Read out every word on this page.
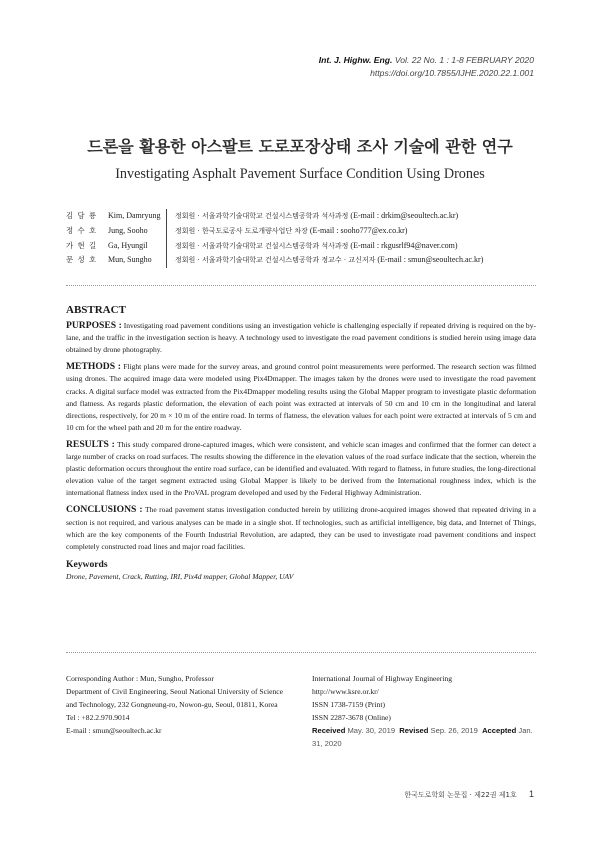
Int. J. Highw. Eng. Vol. 22 No. 1 : 1-8 FEBRUARY 2020
https://doi.org/10.7855/IJHE.2020.22.1.001
드론을 활용한 아스팔트 도로포장상태 조사 기술에 관한 연구
Investigating Asphalt Pavement Surface Condition Using Drones
김 담 룡	Kim, Damryung	정회원 · 서울과학기술대학교 건설시스템공학과 석사과정 (E-mail : drkim@seoultech.ac.kr)
정 수 호	Jung, Sooho	정회원 · 한국도로공사 도로개량사업단 차장 (E-mail : sooho777@ex.co.kr)
가 현 길	Ga, Hyungil	정회원 · 서울과학기술대학교 건설시스템공학과 석사과정 (E-mail : rkgusrlf94@naver.com)
문 성 호	Mun, Sungho	정회원 · 서울과학기술대학교 건설시스템공학과 정교수 · 교신저자 (E-mail : smun@seoultech.ac.kr)
ABSTRACT

PURPOSES : Investigating road pavement conditions using an investigation vehicle is challenging especially if repeated driving is required on the by-lane, and the traffic in the investigation section is heavy. A technology used to investigate the road pavement conditions is studied herein using image data obtained by drone photography.

METHODS : Flight plans were made for the survey areas, and ground control point measurements were performed. The research section was filmed using drones. The acquired image data were modeled using Pix4Dmapper. The images taken by the drones were used to investigate the road pavement cracks. A digital surface model was extracted from the Pix4Dmapper modeling results using the Global Mapper program to investigate plastic deformation and flatness. As regards plastic deformation, the elevation of each point was extracted at intervals of 50 cm and 10 cm in the longitudinal and lateral directions, respectively, for 20 m × 10 m of the entire road. In terms of flatness, the elevation values for each point were extracted at intervals of 5 cm and 10 cm for the wheel path and 20 m for the entire roadway.

RESULTS : This study compared drone-captured images, which were consistent, and vehicle scan images and confirmed that the former can detect a large number of cracks on road surfaces. The results showing the difference in the elevation values of the road surface indicate that the section, wherein the plastic deformation occurs throughout the entire road surface, can be identified and evaluated. With regard to flatness, in future studies, the long-directional elevation value of the target segment extracted using Global Mapper is likely to be derived from the International roughness index, which is the international flatness index used in the ProVAL program developed and used by the Federal Highway Administration.

CONCLUSIONS : The road pavement status investigation conducted herein by utilizing drone-acquired images showed that repeated driving in a section is not required, and various analyses can be made in a single shot. If technologies, such as artificial intelligence, big data, and Internet of Things, which are the key components of the Fourth Industrial Revolution, are adapted, they can be used to investigate road pavement conditions and inspect completely constructed road lines and major road facilities.

Keywords
Drone, Pavement, Crack, Rutting, IRI, Pix4d mapper, Global Mapper, UAV
Corresponding Author : Mun, Sungho, Professor
Department of Civil Engineering, Seoul National University of Science
and Technology, 232 Gongneung-ro, Nowon-gu, Seoul, 01811, Korea
Tel : +82.2.970.9014
E-mail : smun@seoultech.ac.kr
International Journal of Highway Engineering
http://www.ksre.or.kr/
ISSN 1738-7159 (Print)
ISSN 2287-3678 (Online)
Received May. 30, 2019 Revised Sep. 26, 2019 Accepted Jan. 31, 2020
한국도로학회 논문집 · 제22권 제1호 1
